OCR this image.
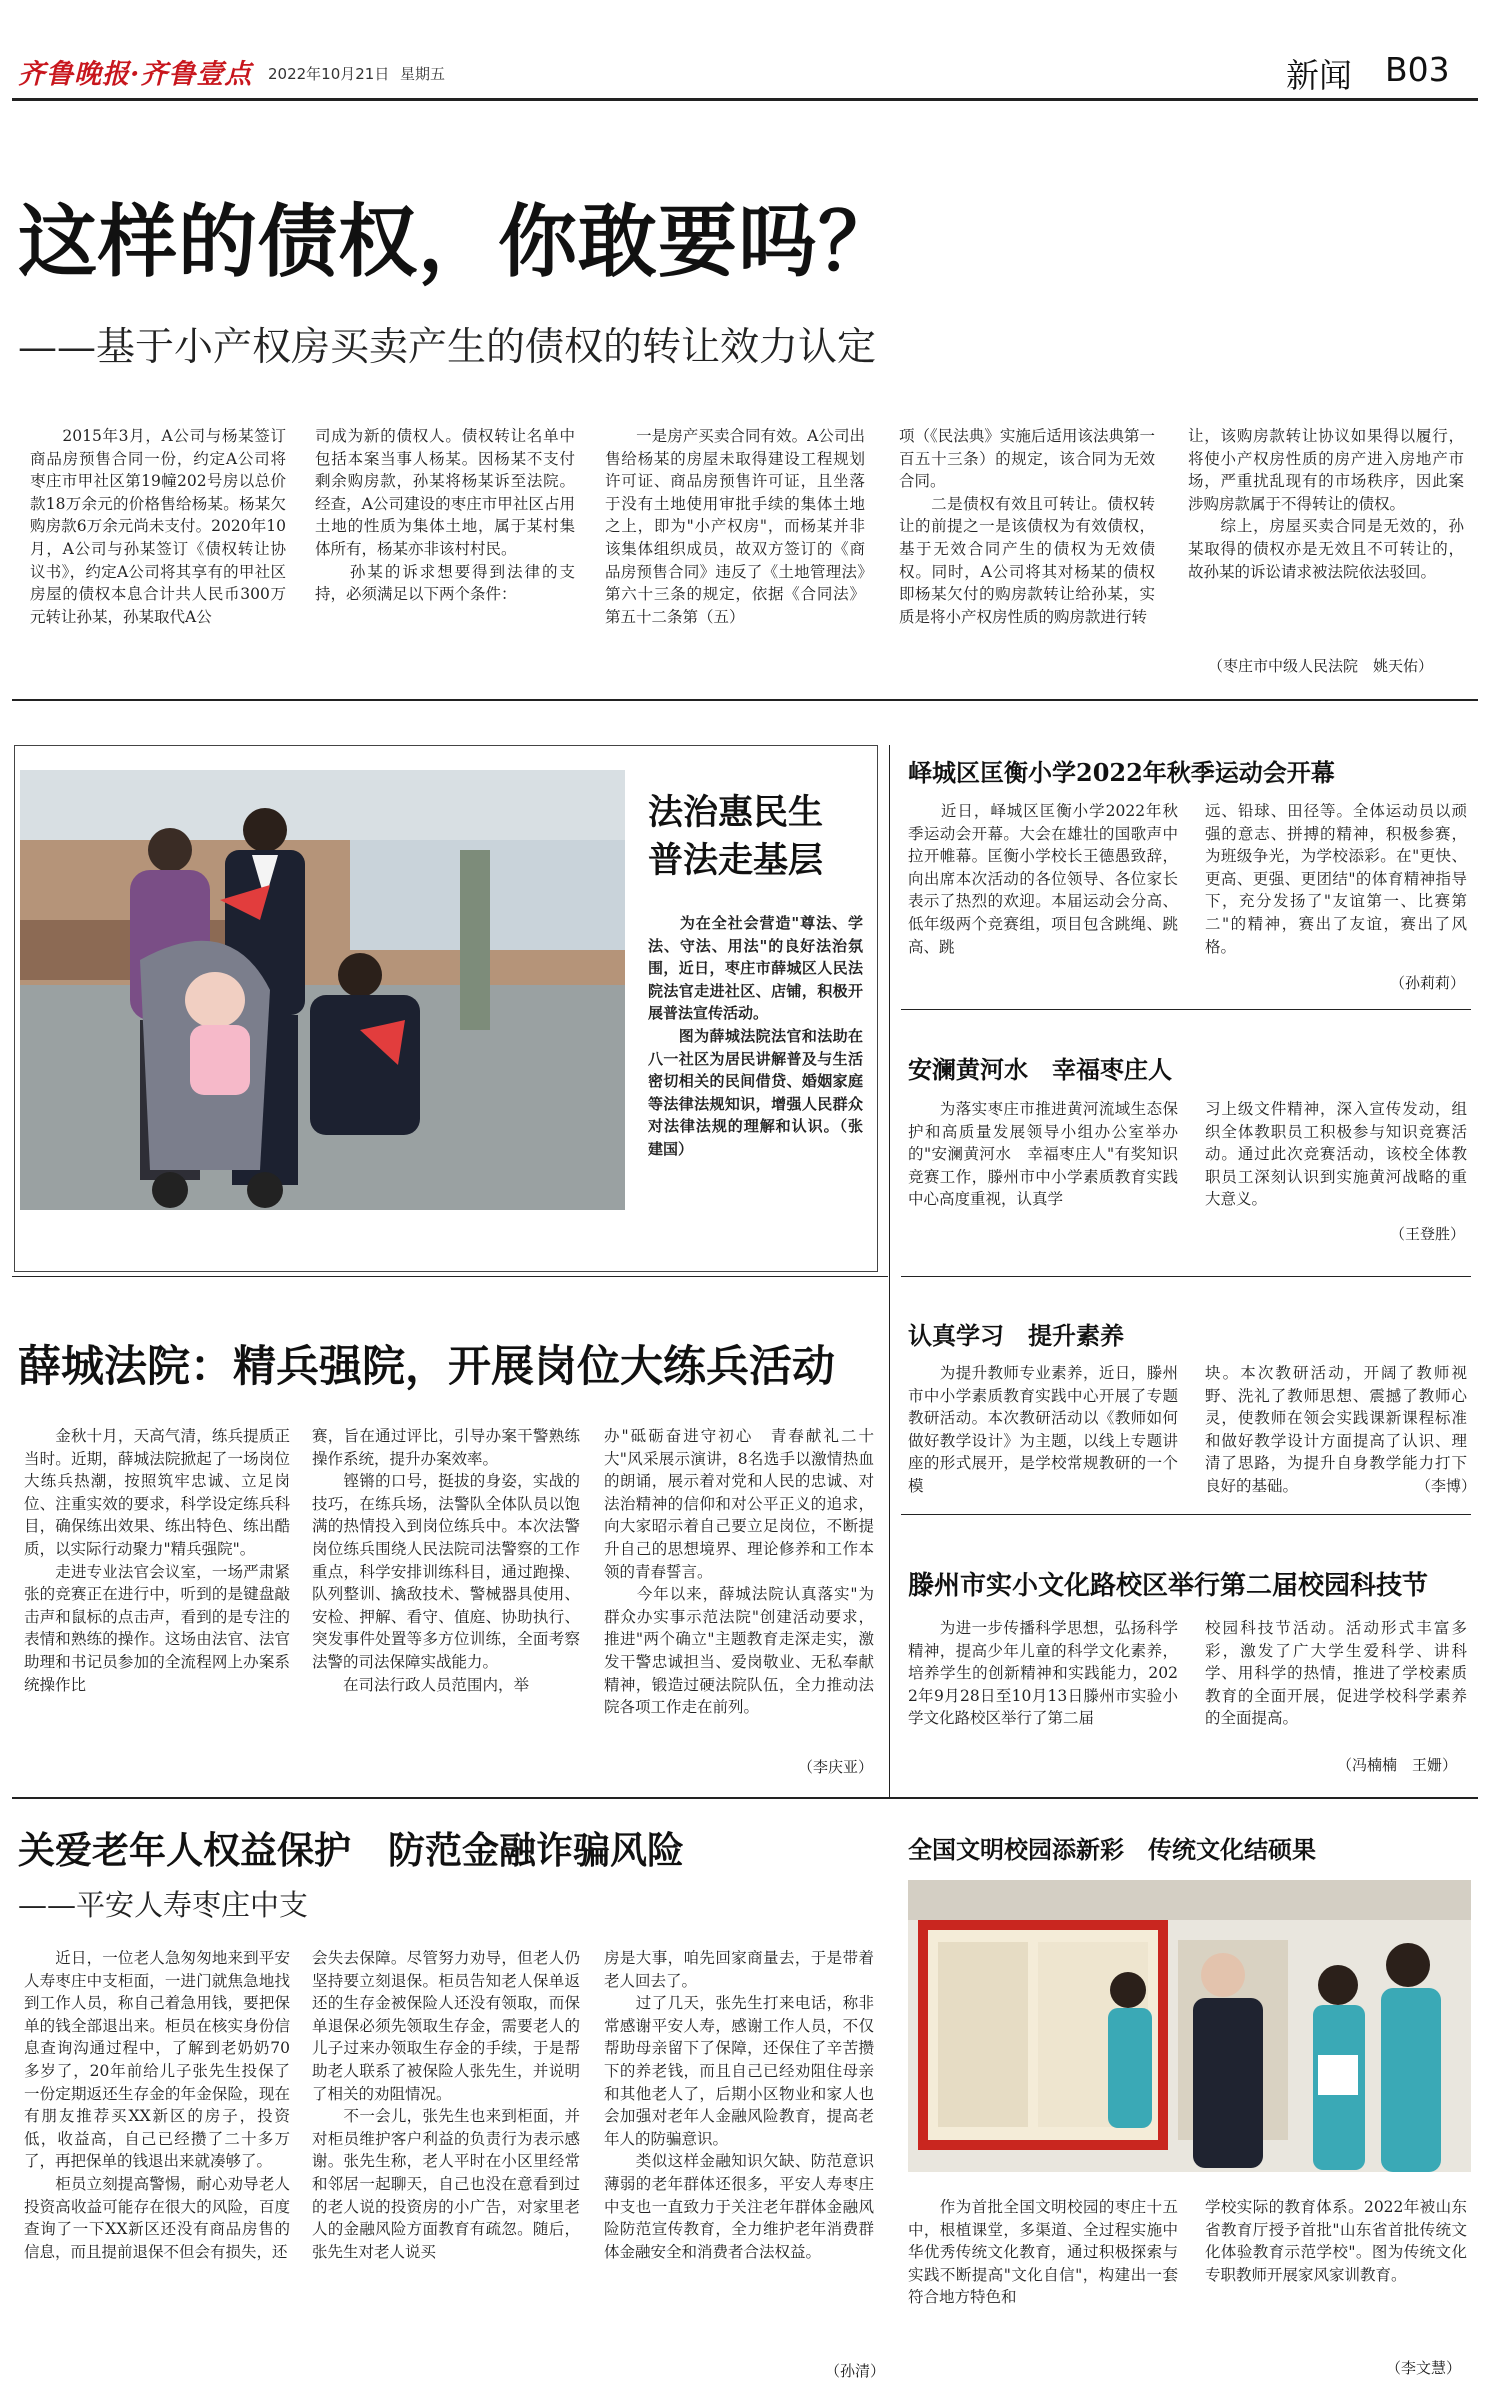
齐鲁晚报·齐鲁壹点 2022年10月21日 星期五	新闻 B03
这样的债权，你敢要吗？
——基于小产权房买卖产生的债权的转让效力认定
　　2015年3月，A公司与杨某签订商品房预售合同一份，约定A公司将枣庄市甲社区第19幢202号房以总价款18万余元的价格售给杨某。杨某欠购房款6万余元尚未支付。2020年10月，A公司与孙某签订《债权转让协议书》，约定A公司将其享有的甲社区房屋的债权本息合计共人民币300万元转让孙某，孙某取代A公
司成为新的债权人。债权转让名单中包括本案当事人杨某。因杨某不支付剩余购房款，孙某将杨某诉至法院。经查，A公司建设的枣庄市甲社区占用土地的性质为集体土地，属于某村集体所有，杨某亦非该村村民。
　　孙某的诉求想要得到法律的支持，必须满足以下两个条件：
　　一是房产买卖合同有效。A公司出售给杨某的房屋未取得建设工程规划许可证、商品房预售许可证，且坐落于没有土地使用审批手续的集体土地之上，即为"小产权房"，而杨某并非该集体组织成员，故双方签订的《商品房预售合同》违反了《土地管理法》第六十三条的规定，依据《合同法》第五十二条第（五）
项（《民法典》实施后适用该法典第一百五十三条）的规定，该合同为无效合同。
　　二是债权有效且可转让。债权转让的前提之一是该债权为有效债权，基于无效合同产生的债权为无效债权。同时，A公司将其对杨某的债权即杨某欠付的购房款转让给孙某，实质是将小产权房性质的购房款进行转
让，该购房款转让协议如果得以履行，将使小产权房性质的房产进入房地产市场，严重扰乱现有的市场秩序，因此案涉购房款属于不得转让的债权。
　　综上，房屋买卖合同是无效的，孙某取得的债权亦是无效且不可转让的，故孙某的诉讼请求被法院依法驳回。
（枣庄市中级人民法院　姚天佑）
法治惠民生
普法走基层
　　为在全社会营造"尊法、学法、守法、用法"的良好法治氛围，近日，枣庄市薛城区人民法院法官走进社区、店铺，积极开展普法宣传活动。
　　图为薛城法院法官和法助在八一社区为居民讲解普及与生活密切相关的民间借贷、婚姻家庭等法律法规知识，增强人民群众对法律法规的理解和认识。（张建国）
峄城区匡衡小学2022年秋季运动会开幕
　　近日，峄城区匡衡小学2022年秋季运动会开幕。大会在雄壮的国歌声中拉开帷幕。匡衡小学校长王德愚致辞，向出席本次活动的各位领导、各位家长表示了热烈的欢迎。本届运动会分高、低年级两个竞赛组，项目包含跳绳、跳高、跳
远、铅球、田径等。全体运动员以顽强的意志、拼搏的精神，积极参赛，为班级争光，为学校添彩。在"更快、更高、更强、更团结"的体育精神指导下，充分发扬了"友谊第一、比赛第二"的精神，赛出了友谊，赛出了风格。
（孙莉莉）
安澜黄河水　幸福枣庄人
　　为落实枣庄市推进黄河流域生态保护和高质量发展领导小组办公室举办的"安澜黄河水　幸福枣庄人"有奖知识竞赛工作，滕州市中小学素质教育实践中心高度重视，认真学
习上级文件精神，深入宣传发动，组织全体教职员工积极参与知识竞赛活动。通过此次竞赛活动，该校全体教职员工深刻认识到实施黄河战略的重大意义。
（王登胜）
薛城法院：精兵强院，开展岗位大练兵活动
　　金秋十月，天高气清，练兵提质正当时。近期，薛城法院掀起了一场岗位大练兵热潮，按照筑牢忠诚、立足岗位、注重实效的要求，科学设定练兵科目，确保练出效果、练出特色、练出酷质，以实际行动聚力"精兵强院"。
　　走进专业法官会议室，一场严肃紧张的竞赛正在进行中，听到的是键盘敲击声和鼠标的点击声，看到的是专注的表情和熟练的操作。这场由法官、法官助理和书记员参加的全流程网上办案系统操作比
赛，旨在通过评比，引导办案干警熟练操作系统，提升办案效率。
　　铿锵的口号，挺拔的身姿，实战的技巧，在练兵场，法警队全体队员以饱满的热情投入到岗位练兵中。本次法警岗位练兵围绕人民法院司法警察的工作重点，科学安排训练科目，通过跑操、队列整训、擒敌技术、警械器具使用、安检、押解、看守、值庭、协助执行、突发事件处置等多方位训练，全面考察法警的司法保障实战能力。
　　在司法行政人员范围内，举
办"砥砺奋进守初心　青春献礼二十大"风采展示演讲，8名选手以激情热血的朗诵，展示着对党和人民的忠诚、对法治精神的信仰和对公平正义的追求，向大家昭示着自己要立足岗位，不断提升自己的思想境界、理论修养和工作本领的青春誓言。
　　今年以来，薛城法院认真落实"为群众办实事示范法院"创建活动要求，推进"两个确立"主题教育走深走实，激发干警忠诚担当、爱岗敬业、无私奉献精神，锻造过硬法院队伍，全力推动法院各项工作走在前列。
（李庆亚）
认真学习　提升素养
　　为提升教师专业素养，近日，滕州市中小学素质教育实践中心开展了专题教研活动。本次教研活动以《教师如何做好教学设计》为主题，以线上专题讲座的形式展开，是学校常规教研的一个模
块。本次教研活动，开阔了教师视野、洗礼了教师思想、震撼了教师心灵，使教师在领会实践课新课程标准和做好教学设计方面提高了认识、理清了思路，为提升自身教学能力打下良好的基础。	（李博）
滕州市实小文化路校区举行第二届校园科技节
　　为进一步传播科学思想，弘扬科学精神，提高少年儿童的科学文化素养，培养学生的创新精神和实践能力，2022年9月28日至10月13日滕州市实验小学文化路校区举行了第二届
校园科技节活动。活动形式丰富多彩，激发了广大学生爱科学、讲科学、用科学的热情，推进了学校素质教育的全面开展，促进学校科学素养的全面提高。
（冯楠楠　王姗）
关爱老年人权益保护　防范金融诈骗风险
——平安人寿枣庄中支
　　近日，一位老人急匆匆地来到平安人寿枣庄中支柜面，一进门就焦急地找到工作人员，称自己着急用钱，要把保单的钱全部退出来。柜员在核实身份信息查询沟通过程中，了解到老奶奶70多岁了，20年前给儿子张先生投保了一份定期返还生存金的年金保险，现在有朋友推荐买XX新区的房子，投资低，收益高，自己已经攒了二十多万了，再把保单的钱退出来就凑够了。
　　柜员立刻提高警惕，耐心劝导老人投资高收益可能存在很大的风险，百度查询了一下XX新区还没有商品房售的信息，而且提前退保不但会有损失，还
会失去保障。尽管努力劝导，但老人仍坚持要立刻退保。柜员告知老人保单返还的生存金被保险人还没有领取，而保单退保必须先领取生存金，需要老人的儿子过来办领取生存金的手续，于是帮助老人联系了被保险人张先生，并说明了相关的劝阻情况。
　　不一会儿，张先生也来到柜面，并对柜员维护客户利益的负责行为表示感谢。张先生称，老人平时在小区里经常和邻居一起聊天，自己也没在意看到过的老人说的投资房的小广告，对家里老人的金融风险方面教育有疏忽。随后，张先生对老人说买
房是大事，咱先回家商量去，于是带着老人回去了。
　　过了几天，张先生打来电话，称非常感谢平安人寿，感谢工作人员，不仅帮助母亲留下了保障，还保住了辛苦攒下的养老钱，而且自己已经劝阻住母亲和其他老人了，后期小区物业和家人也会加强对老年人金融风险教育，提高老年人的防骗意识。
　　类似这样金融知识欠缺、防范意识薄弱的老年群体还很多，平安人寿枣庄中支也一直致力于关注老年群体金融风险防范宣传教育，全力维护老年消费群体金融安全和消费者合法权益。
（孙清）
全国文明校园添新彩　传统文化结硕果
　　作为首批全国文明校园的枣庄十五中，根植课堂，多渠道、全过程实施中华优秀传统文化教育，通过积极探索与实践不断提高"文化自信"，构建出一套符合地方特色和
学校实际的教育体系。2022年被山东省教育厅授予首批"山东省首批传统文化体验教育示范学校"。图为传统文化专职教师开展家风家训教育。
（李文慧）
